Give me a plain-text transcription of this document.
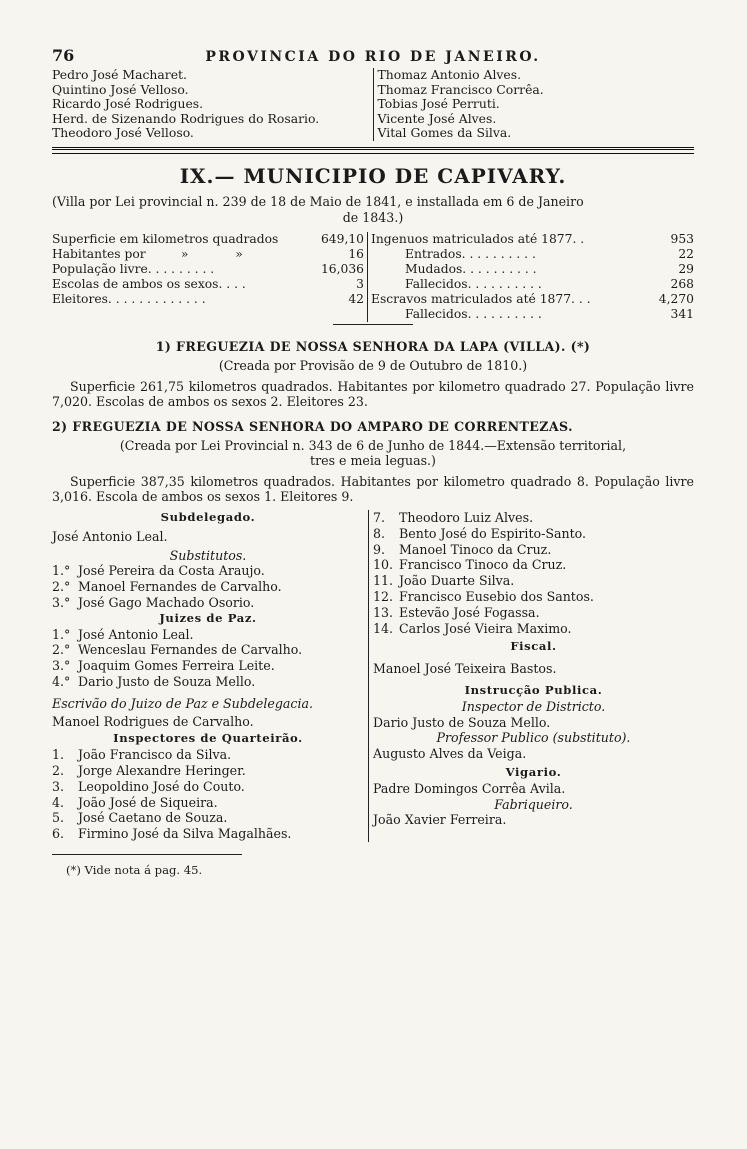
76	PROVINCIA DO RIO DE JANEIRO.
Pedro José Macharet.
Quintino José Velloso.
Ricardo José Rodrigues.
Herd. de Sizenando Rodrigues do Rosario.
Theodoro José Velloso.
Thomaz Antonio Alves.
Thomaz Francisco Corrêa.
Tobias José Perruti.
Vicente José Alves.
Vital Gomes da Silva.
IX.— MUNICIPIO DE CAPIVARY.
(Villa por Lei provincial n. 239 de 18 de Maio de 1841, e installada em 6 de Janeiro
de 1843.)
Superficie em kilometros quadrados	649,10
Habitantes por         »            »	16
População livre. . . . . . . . .	16,036
Escolas de ambos os sexos. . . .	3
Eleitores. . . . . . . . . . . . .	42
Ingenuos matriculados até 1877. .	953
Entrados. . . . . . . . . .	22
Mudados. . . . . . . . . .	29
Fallecidos. . . . . . . . . .	268
Escravos matriculados até 1877. . .	4,270
Fallecidos. . . . . . . . . .	341
1) FREGUEZIA DE NOSSA SENHORA DA LAPA (VILLA). (*)
(Creada por Provisão de 9 de Outubro de 1810.)
Superficie 261,75 kilometros quadrados. Habitantes por kilometro quadrado 27. População livre 7,020. Escolas de ambos os sexos 2. Eleitores 23.
2) FREGUEZIA DE NOSSA SENHORA DO AMPARO DE CORRENTEZAS.
(Creada por Lei Provincial n. 343 de 6 de Junho de 1844.—Extensão territorial,
tres e meia leguas.)
Superficie 387,35 kilometros quadrados. Habitantes por kilometro quadrado 8. População livre 3,016. Escola de ambos os sexos 1. Eleitores 9.
Subdelegado.
José Antonio Leal.
Substitutos.
1.° José Pereira da Costa Araujo.
2.° Manoel Fernandes de Carvalho.
3.° José Gago Machado Osorio.
Juizes de Paz.
1.° José Antonio Leal.
2.° Wenceslau Fernandes de Carvalho.
3.° Joaquim Gomes Ferreira Leite.
4.° Dario Justo de Souza Mello.
Escrivão do Juizo de Paz e Subdelegacia.
Manoel Rodrigues de Carvalho.
Inspectores de Quarteirão.
1. João Francisco da Silva.
2. Jorge Alexandre Heringer.
3. Leopoldino José do Couto.
4. João José de Siqueira.
5. José Caetano de Souza.
6. Firmino José da Silva Magalhães.
7. Theodoro Luiz Alves.
8. Bento José do Espirito-Santo.
9. Manoel Tinoco da Cruz.
10. Francisco Tinoco da Cruz.
11. João Duarte Silva.
12. Francisco Eusebio dos Santos.
13. Estevão José Fogassa.
14. Carlos José Vieira Maximo.
Fiscal.
Manoel José Teixeira Bastos.
Instrucção Publica.
Inspector de Districto.
Dario Justo de Souza Mello.
Professor Publico (substituto).
Augusto Alves da Veiga.
Vigario.
Padre Domingos Corrêa Avila.
Fabriqueiro.
João Xavier Ferreira.
(*) Vide nota á pag. 45.
